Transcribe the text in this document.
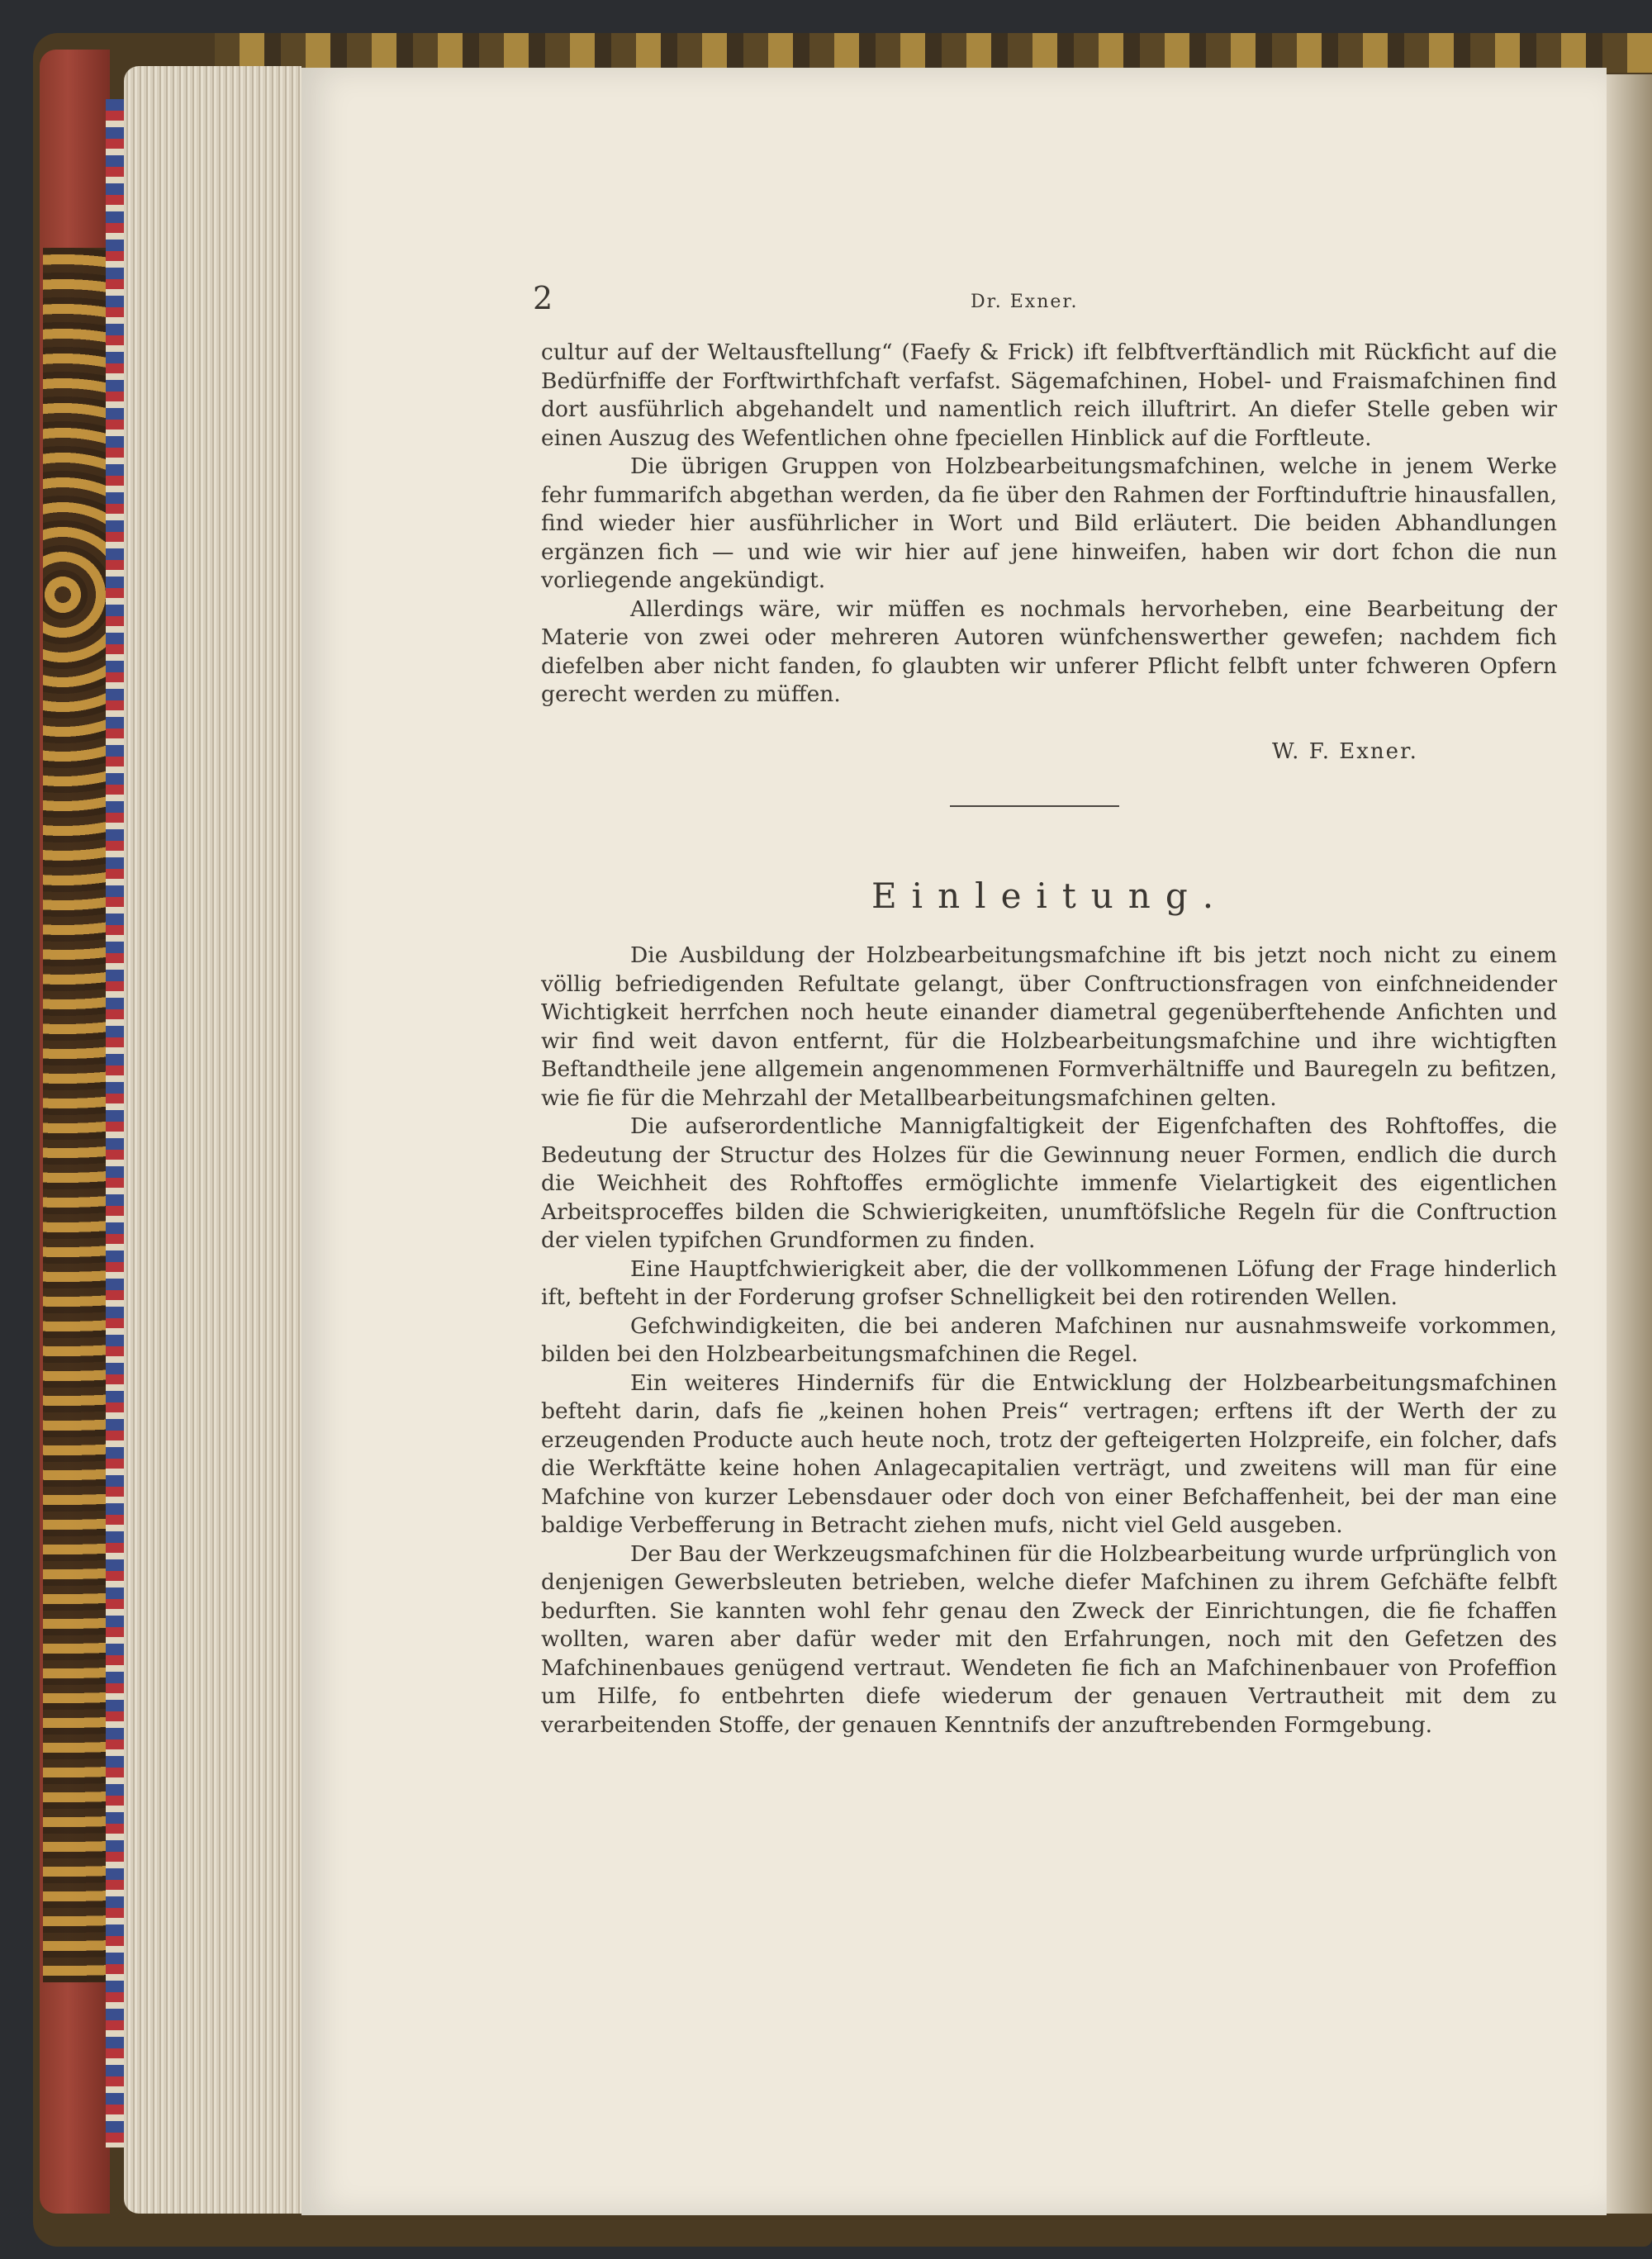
2	Dr. Exner.

cultur auf der Weltausftellung“ (Faefy & Frick) ift felbftverftändlich mit Rückficht auf die Bedürfniffe der Forftwirthfchaft verfafst. Sägemafchinen, Hobel- und Fraismafchinen find dort ausführlich abgehandelt und namentlich reich illuftrirt. An diefer Stelle geben wir einen Auszug des Wefentlichen ohne fpeciellen Hinblick auf die Forftleute.

Die übrigen Gruppen von Holzbearbeitungsmafchinen, welche in jenem Werke fehr fummarifch abgethan werden, da fie über den Rahmen der Forftinduftrie hinausfallen, find wieder hier ausführlicher in Wort und Bild erläutert. Die beiden Abhandlungen ergänzen fich — und wie wir hier auf jene hinweifen, haben wir dort fchon die nun vorliegende angekündigt.

Allerdings wäre, wir müffen es nochmals hervorheben, eine Bearbeitung der Materie von zwei oder mehreren Autoren wünfchenswerther gewefen; nachdem fich diefelben aber nicht fanden, fo glaubten wir unferer Pflicht felbft unter fchweren Opfern gerecht werden zu müffen.

W. F. Exner.
Einleitung.

Die Ausbildung der Holzbearbeitungsmafchine ift bis jetzt noch nicht zu einem völlig befriedigenden Refultate gelangt, über Conftructionsfragen von einfchneidender Wichtigkeit herrfchen noch heute einander diametral gegenüberftehende Anfichten und wir find weit davon entfernt, für die Holzbearbeitungsmafchine und ihre wichtigften Beftandtheile jene allgemein angenommenen Formverhältniffe und Bauregeln zu befitzen, wie fie für die Mehrzahl der Metallbearbeitungsmafchinen gelten.

Die aufserordentliche Mannigfaltigkeit der Eigenfchaften des Rohftoffes, die Bedeutung der Structur des Holzes für die Gewinnung neuer Formen, endlich die durch die Weichheit des Rohftoffes ermöglichte immenfe Vielartigkeit des eigentlichen Arbeitsproceffes bilden die Schwierigkeiten, unumftöfsliche Regeln für die Conftruction der vielen typifchen Grundformen zu finden.

Eine Hauptfchwierigkeit aber, die der vollkommenen Löfung der Frage hinderlich ift, befteht in der Forderung grofser Schnelligkeit bei den rotirenden Wellen.

Gefchwindigkeiten, die bei anderen Mafchinen nur ausnahmsweife vorkommen, bilden bei den Holzbearbeitungsmafchinen die Regel.

Ein weiteres Hindernifs für die Entwicklung der Holzbearbeitungsmafchinen befteht darin, dafs fie „keinen hohen Preis“ vertragen; erftens ift der Werth der zu erzeugenden Producte auch heute noch, trotz der gefteigerten Holzpreife, ein folcher, dafs die Werkftätte keine hohen Anlagecapitalien verträgt, und zweitens will man für eine Mafchine von kurzer Lebensdauer oder doch von einer Befchaffenheit, bei der man eine baldige Verbefferung in Betracht ziehen mufs, nicht viel Geld ausgeben.

Der Bau der Werkzeugsmafchinen für die Holzbearbeitung wurde urfprünglich von denjenigen Gewerbsleuten betrieben, welche diefer Mafchinen zu ihrem Gefchäfte felbft bedurften. Sie kannten wohl fehr genau den Zweck der Einrichtungen, die fie fchaffen wollten, waren aber dafür weder mit den Erfahrungen, noch mit den Gefetzen des Mafchinenbaues genügend vertraut. Wendeten fie fich an Mafchinenbauer von Profeffion um Hilfe, fo entbehrten diefe wiederum der genauen Vertrautheit mit dem zu verarbeitenden Stoffe, der genauen Kenntnifs der anzuftrebenden Formgebung.
